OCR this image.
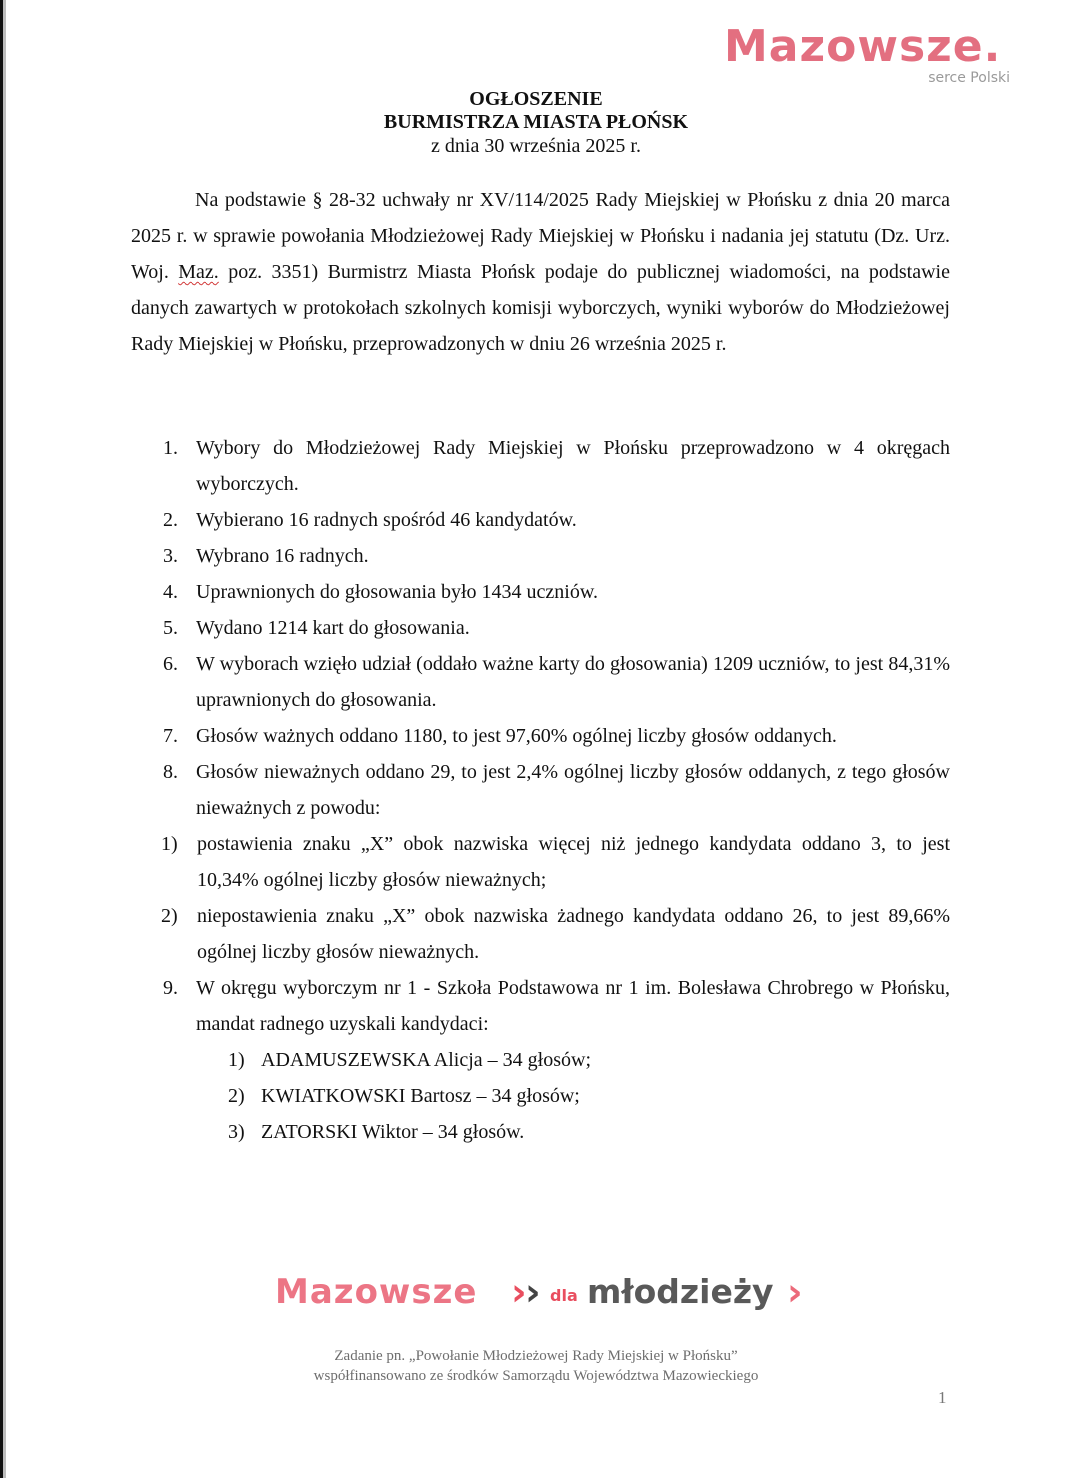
Mazowsze.
serce Polski
OGŁOSZENIE
BURMISTRZA MIASTA PŁOŃSK
z dnia 30 września 2025 r.

Na podstawie § 28-32 uchwały nr XV/114/2025 Rady Miejskiej w Płońsku z dnia 20 marca 2025 r. w sprawie powołania Młodzieżowej Rady Miejskiej w Płońsku i nadania jej statutu (Dz. Urz. Woj. Maz. poz. 3351) Burmistrz Miasta Płońsk podaje do publicznej wiadomości, na podstawie danych zawartych w protokołach szkolnych komisji wyborczych, wyniki wyborów do Młodzieżowej Rady Miejskiej w Płońsku, przeprowadzonych w dniu 26 września 2025 r.

1. Wybory do Młodzieżowej Rady Miejskiej w Płońsku przeprowadzono w 4 okręgach wyborczych.
2. Wybierano 16 radnych spośród 46 kandydatów.
3. Wybrano 16 radnych.
4. Uprawnionych do głosowania było 1434 uczniów.
5. Wydano 1214 kart do głosowania.
6. W wyborach wzięło udział (oddało ważne karty do głosowania) 1209 uczniów, to jest 84,31% uprawnionych do głosowania.
7. Głosów ważnych oddano 1180, to jest 97,60% ogólnej liczby głosów oddanych.
8. Głosów nieważnych oddano 29, to jest 2,4% ogólnej liczby głosów oddanych, z tego głosów nieważnych z powodu:
1) postawienia znaku „X” obok nazwiska więcej niż jednego kandydata oddano 3, to jest 10,34% ogólnej liczby głosów nieważnych;
2) niepostawienia znaku „X” obok nazwiska żadnego kandydata oddano 26, to jest 89,66% ogólnej liczby głosów nieważnych.
9. W okręgu wyborczym nr 1 - Szkoła Podstawowa nr 1 im. Bolesława Chrobrego w Płońsku, mandat radnego uzyskali kandydaci:
1) ADAMUSZEWSKA Alicja – 34 głosów;
2) KWIATKOWSKI Bartosz – 34 głosów;
3) ZATORSKI Wiktor – 34 głosów.
Mazowsze ›
› dla młodzieży ›
Zadanie pn. „Powołanie Młodzieżowej Rady Miejskiej w Płońsku”
współfinansowano ze środków Samorządu Województwa Mazowieckiego
1
